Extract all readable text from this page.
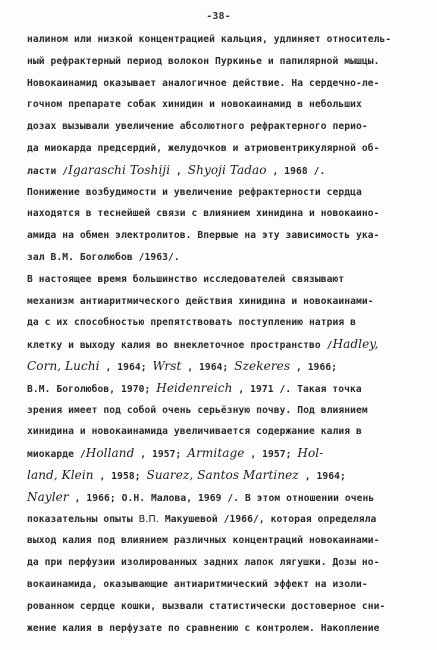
-38-
налином или низкой концентрацией кальция, удлиняет относитель-
ный рефрактерный период волокон Пуркинье и папилярной мышцы.
Новокаинамид оказывает аналогичное действие. На сердечно-ле-
гочном препарате собак хинидин и новокаинамид в небольших
дозах вызывали увеличение абсолютного рефрактерного перио-
да миокарда предсердий, желудочков и атриовентрикулярной об-
ласти /Igaraschi Toshiji , Shyoji Tadao , 1968 /.
Понижение возбудимости и увеличение рефрактерности сердца
находятся в теснейшей связи с влиянием хинидина и новокаино-
амида на обмен электролитов. Впервые на эту зависимость ука-
зал В.М. Боголюбов /1963/.
В настоящее время большинство исследователей связывают
механизм антиаритмического действия хинидина и новокаинами-
да с их способностью препятствовать поступлению натрия в
клетку и выходу калия во внеклеточное пространство /Hadley,
Corn, Luchi , 1964; Wrst , 1964; Szekeres , 1966;
В.М. Боголюбов, 1970; Heidenreich , 1971 /. Такая точка
зрения имеет под собой очень серьёзную почву. Под влиянием
хинидина и новокаинамида увеличивается содержание калия в
миокарде /Holland , 1957; Armitage , 1957; Hol-
land, Klein , 1958; Suarez, Santos Martinez , 1964;
Nayler , 1966; О.Н. Малова, 1969 /. В этом отношении очень
показательны опыты В.П. Макушевой /1966/, которая определяла
выход калия под влиянием различных концентраций новокаинами-
да при перфузии изолированных задних лапок лягушки. Дозы но-
вокаинамида, оказывающие антиаритмический эффект на изоли-
рованном сердце кошки, вызвали статистически достоверное сни-
жение калия в перфузате по сравнению с контролем. Накопление
